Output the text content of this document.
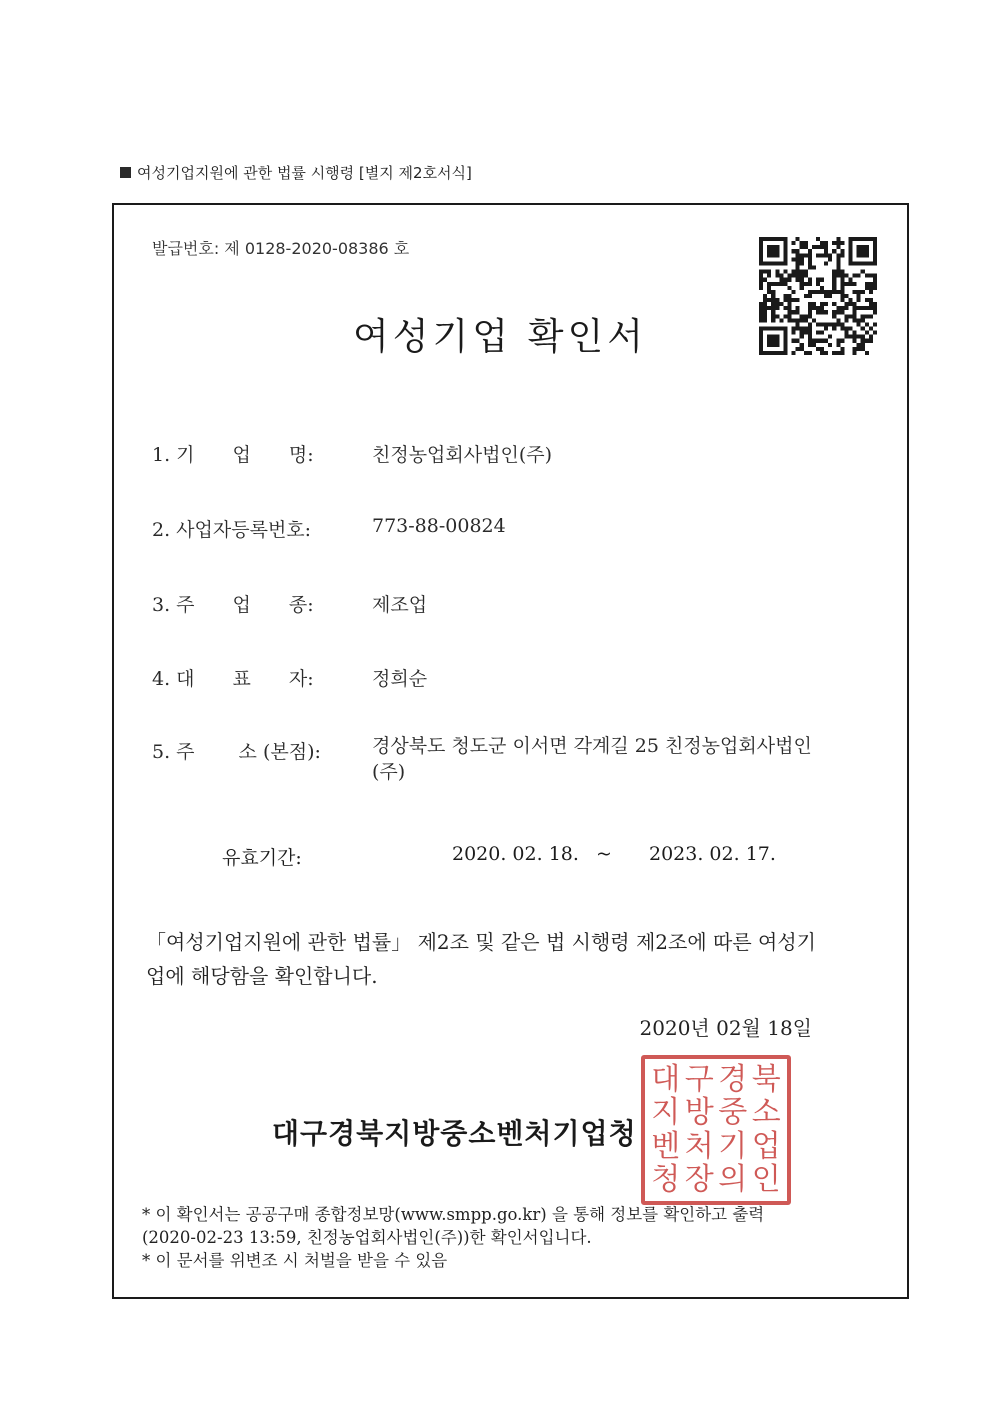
여성기업지원에 관한 법률 시행령 [별지 제2호서식]
발급번호: 제 0128-2020-08386 호
여성기업 확인서
1. 기　　업　　명:	친정농업회사법인(주)
2. 사업자등록번호:	773-88-00824
3. 주　　업　　종:	제조업
4. 대　　표　　자:	정희순
5. 주　　 소 (본점):	경상북도 청도군 이서면 각계길 25 친정농업회사법인(주)
유효기간:	2020. 02. 18. ~ 2023. 02. 17.
「여성기업지원에 관한 법률」 제2조 및 같은 법 시행령 제2조에 따른 여성기업에 해당함을 확인합니다.
2020년 02월 18일
대구경북지방중소벤처기업청
대 구 경 북
지 방 중 소
벤 처 기 업
청 장 의 인
* 이 확인서는 공공구매 종합정보망(www.smpp.go.kr) 을 통해 정보를 확인하고 출력
(2020-02-23 13:59, 친정농업회사법인(주))한 확인서입니다.
* 이 문서를 위변조 시 처벌을 받을 수 있음
